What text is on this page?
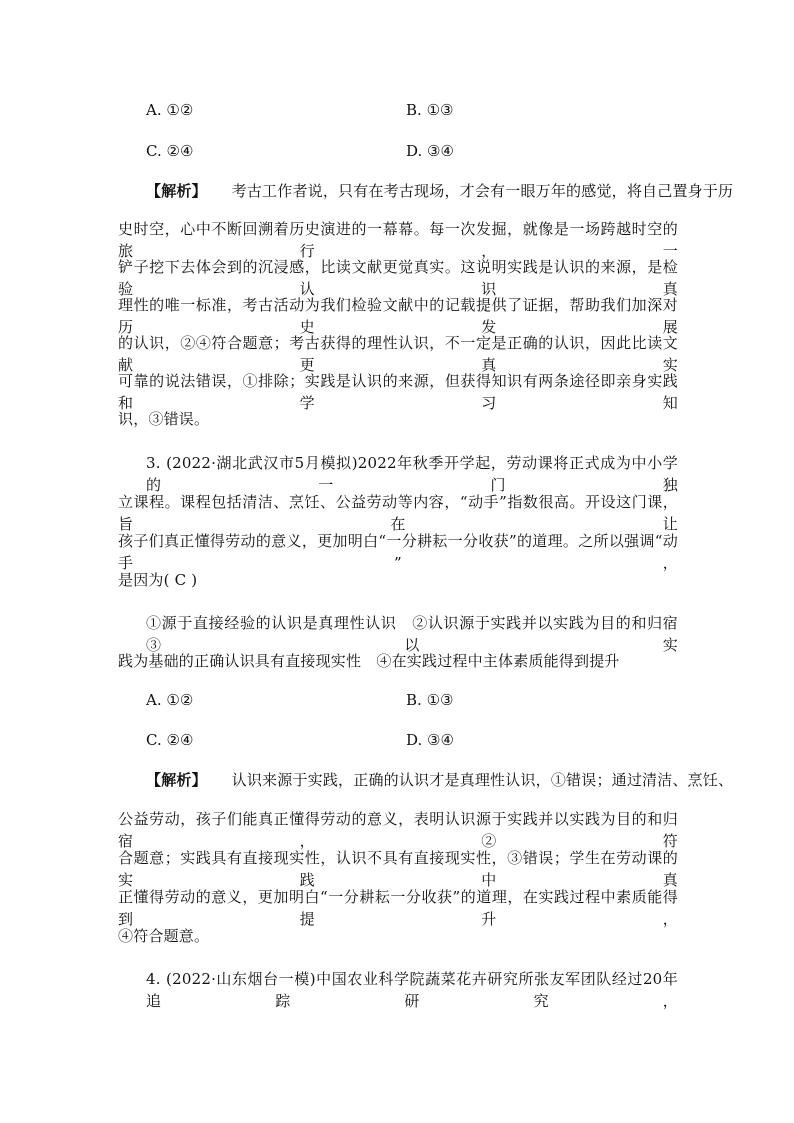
A. ①②	B. ①③
C. ②④	D. ③④
【解析】 考古工作者说，只有在考古现场，才会有一眼万年的感觉，将自己置身于历
史时空，心中不断回溯着历史演进的一幕幕。每一次发掘，就像是一场跨越时空的旅行，一
铲子挖下去体会到的沉浸感，比读文献更觉真实。这说明实践是认识的来源，是检验认识真
理性的唯一标准，考古活动为我们检验文献中的记载提供了证据，帮助我们加深对历史发展
的认识，②④符合题意；考古获得的理性认识，不一定是正确的认识，因此比读文献更真实
可靠的说法错误，①排除；实践是认识的来源，但获得知识有两条途径即亲身实践和学习知
识，③错误。
3. (2022·湖北武汉市5月模拟)2022年秋季开学起，劳动课将正式成为中小学的一门独
立课程。课程包括清洁、烹饪、公益劳动等内容，“动手”指数很高。开设这门课，旨在让
孩子们真正懂得劳动的意义，更加明白“一分耕耘一分收获”的道理。之所以强调“动手”，
是因为( C )
①源于直接经验的认识是真理性认识　②认识源于实践并以实践为目的和归宿　③以实
践为基础的正确认识具有直接现实性　④在实践过程中主体素质能得到提升
A. ①②	B. ①③
C. ②④	D. ③④
【解析】 认识来源于实践，正确的认识才是真理性认识，①错误；通过清洁、烹饪、
公益劳动，孩子们能真正懂得劳动的意义，表明认识源于实践并以实践为目的和归宿，②符
合题意；实践具有直接现实性，认识不具有直接现实性，③错误；学生在劳动课的实践中真
正懂得劳动的意义，更加明白“一分耕耘一分收获”的道理，在实践过程中素质能得到提升，
④符合题意。
4. (2022·山东烟台一模)中国农业科学院蔬菜花卉研究所张友军团队经过20年追踪研究，
